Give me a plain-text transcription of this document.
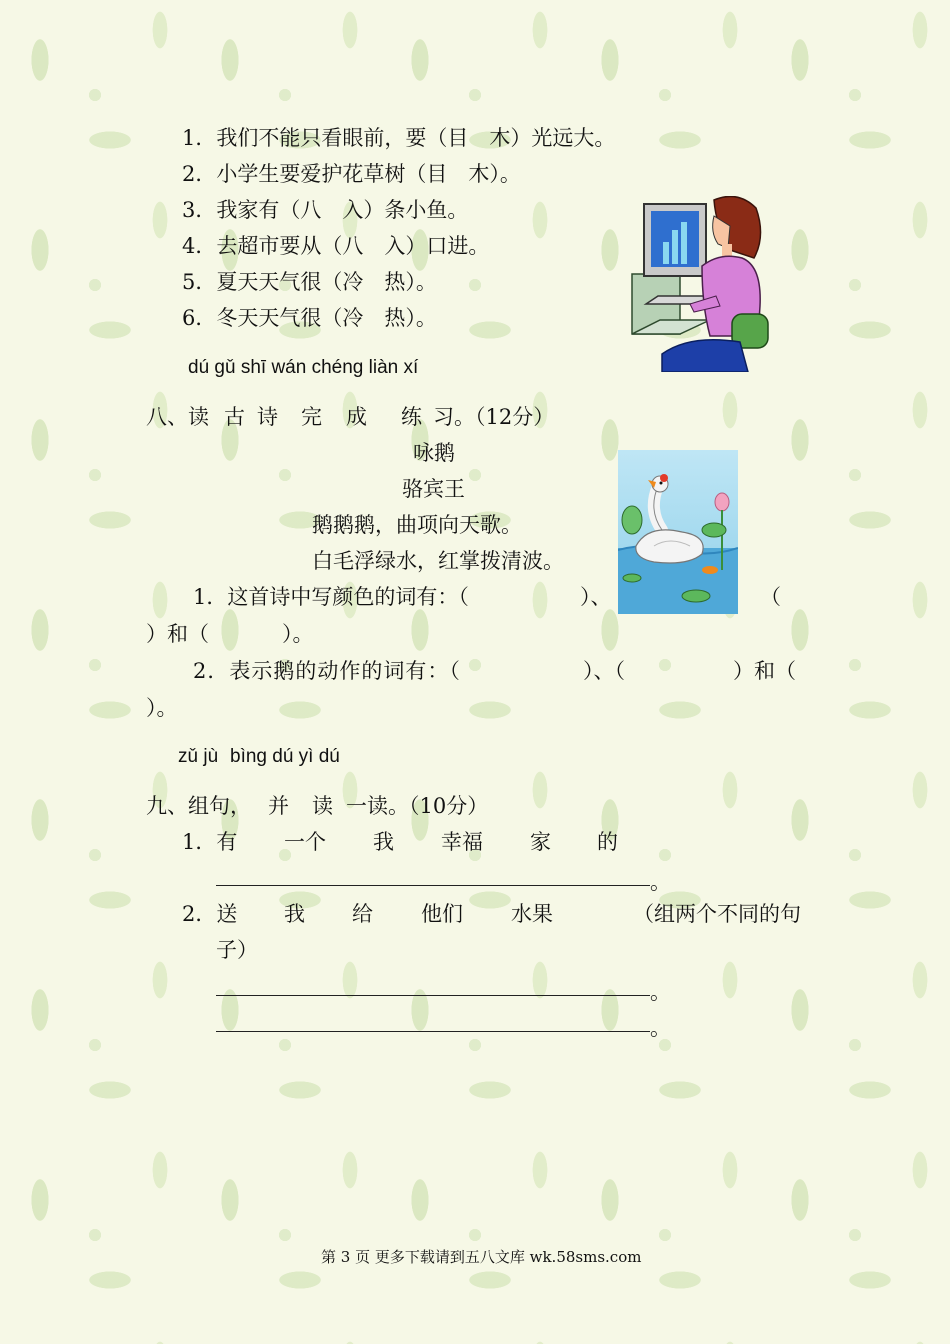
1．我们不能只看眼前，要（目　木）光远大。
2．小学生要爱护花草树（目　木）。
3．我家有（八　入）条小鱼。
4．去超市要从（八　入）口进。
5．夏天天气很（冷　热）。
6．冬天天气很（冷　热）。
dú gǔ shī wán chéng liàn xí
八、读 古 诗 完 成 练 习。（12分）
咏鹅
骆宾王
鹅鹅鹅，曲项向天歌。
白毛浮绿水，红掌拨清波。
1．这首诗中写颜色的词有：（	）、	（
）和（	）。
2．表示鹅的动作的词有：（	）、（	）和（
）。
zǔ jù bìng dú yì dú
九、组句， 并 读 一读。（10分）
1．有 一个 我 幸福 家 的
。
2．送 我 给 他们 水果	（组两个不同的句
子）
。
。
第 3 页 更多下载请到五八文库 wk.58sms.com
